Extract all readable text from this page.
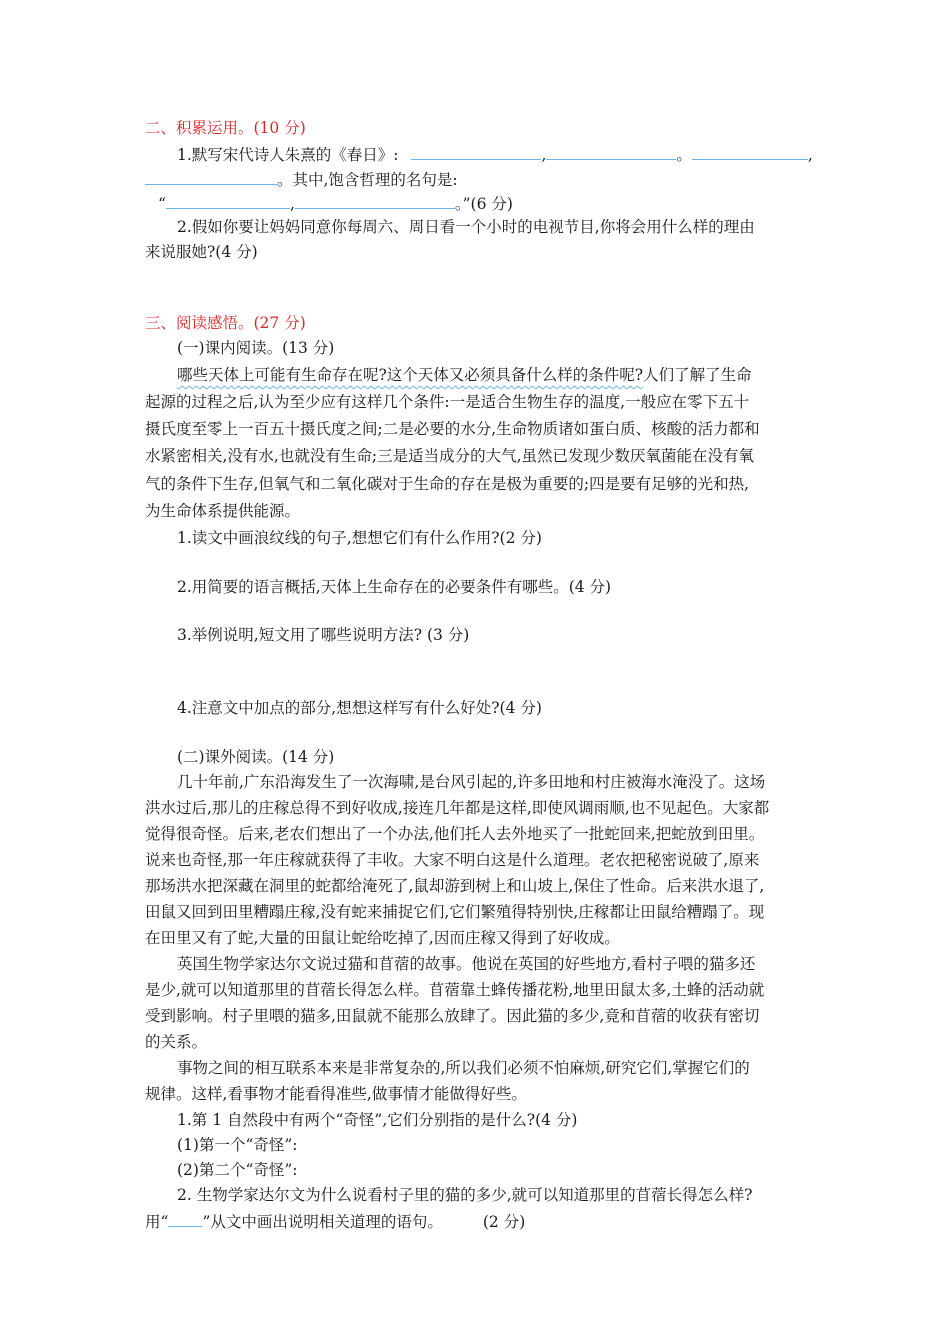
二、积累运用。(10 分)
1.默写宋代诗人朱熹的《春日》:	,	。	,
。其中,饱含哲理的名句是:
“	,	。”(6 分)
2.假如你要让妈妈同意你每周六、周日看一个小时的电视节目,你将会用什么样的理由
来说服她?(4 分)
三、阅读感悟。(27 分)
(一)课内阅读。(13 分)
哪些天体上可能有生命存在呢?这个天体又必须具备什么样的条件呢?人们了解了生命
起源的过程之后,认为至少应有这样几个条件:一是适合生物生存的温度,一般应在零下五十
摄氏度至零上一百五十摄氏度之间;二是必要的水分,生命物质诸如蛋白质、核酸的活力都和
水紧密相关,没有水,也就没有生命;三是适当成分的大气,虽然已发现少数厌氧菌能在没有氧
气的条件下生存,但氧气和二氧化碳对于生命的存在是极为重要的;四是要有足够的光和热,
为生命体系提供能源。
1.读文中画浪纹线的句子,想想它们有什么作用?(2 分)
2.用简要的语言概括,天体上生命存在的必要条件有哪些。(4 分)
3.举例说明,短文用了哪些说明方法? (3 分)
4.注意文中加点的部分,想想这样写有什么好处?(4 分)
(二)课外阅读。(14 分)
几十年前,广东沿海发生了一次海啸,是台风引起的,许多田地和村庄被海水淹没了。这场
洪水过后,那儿的庄稼总得不到好收成,接连几年都是这样,即使风调雨顺,也不见起色。大家都
觉得很奇怪。后来,老农们想出了一个办法,他们托人去外地买了一批蛇回来,把蛇放到田里。
说来也奇怪,那一年庄稼就获得了丰收。大家不明白这是什么道理。老农把秘密说破了,原来
那场洪水把深藏在洞里的蛇都给淹死了,鼠却游到树上和山坡上,保住了性命。后来洪水退了,
田鼠又回到田里糟蹋庄稼,没有蛇来捕捉它们,它们繁殖得特别快,庄稼都让田鼠给糟蹋了。现
在田里又有了蛇,大量的田鼠让蛇给吃掉了,因而庄稼又得到了好收成。
英国生物学家达尔文说过猫和苜蓿的故事。他说在英国的好些地方,看村子喂的猫多还
是少,就可以知道那里的苜蓿长得怎么样。苜蓿靠土蜂传播花粉,地里田鼠太多,土蜂的活动就
受到影响。村子里喂的猫多,田鼠就不能那么放肆了。因此猫的多少,竟和苜蓿的收获有密切
的关系。
事物之间的相互联系本来是非常复杂的,所以我们必须不怕麻烦,研究它们,掌握它们的
规律。这样,看事物才能看得准些,做事情才能做得好些。
1.第 1 自然段中有两个“奇怪”,它们分别指的是什么?(4 分)
(1)第一个“奇怪”:
(2)第二个“奇怪”:
2. 生物学家达尔文为什么说看村子里的猫的多少,就可以知道那里的苜蓿长得怎么样?
用“ ”从文中画出说明相关道理的语句。	(2 分)
